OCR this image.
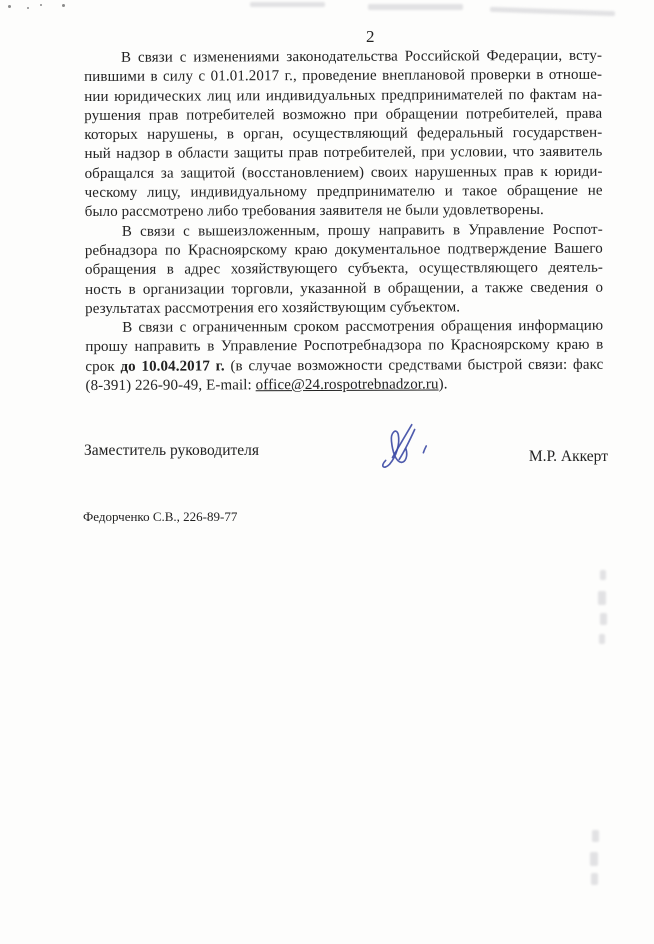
2
В связи с изменениями законодательства Российской Федерации, всту-
пившими в силу с 01.01.2017 г., проведение внеплановой проверки в отноше-
нии юридических лиц или индивидуальных предпринимателей по фактам на-
рушения прав потребителей возможно при обращении потребителей, права
которых нарушены, в орган, осуществляющий федеральный государствен-
ный надзор в области защиты прав потребителей, при условии, что заявитель
обращался за защитой (восстановлением) своих нарушенных прав к юриди-
ческому лицу, индивидуальному предпринимателю и такое обращение не
было рассмотрено либо требования заявителя не были удовлетворены.
В связи с вышеизложенным, прошу направить в Управление Роспот-
ребнадзора по Красноярскому краю документальное подтверждение Вашего
обращения в адрес хозяйствующего субъекта, осуществляющего деятель-
ность в организации торговли, указанной в обращении, а также сведения о
результатах рассмотрения его хозяйствующим субъектом.
В связи с ограниченным сроком рассмотрения обращения информацию
прошу направить в Управление Роспотребнадзора по Красноярскому краю в
срок до 10.04.2017 г. (в случае возможности средствами быстрой связи: факс
(8-391) 226-90-49, E-mail: office@24.rospotrebnadzor.ru).
Заместитель руководителя	М.Р. Аккерт
Федорченко С.В., 226-89-77
